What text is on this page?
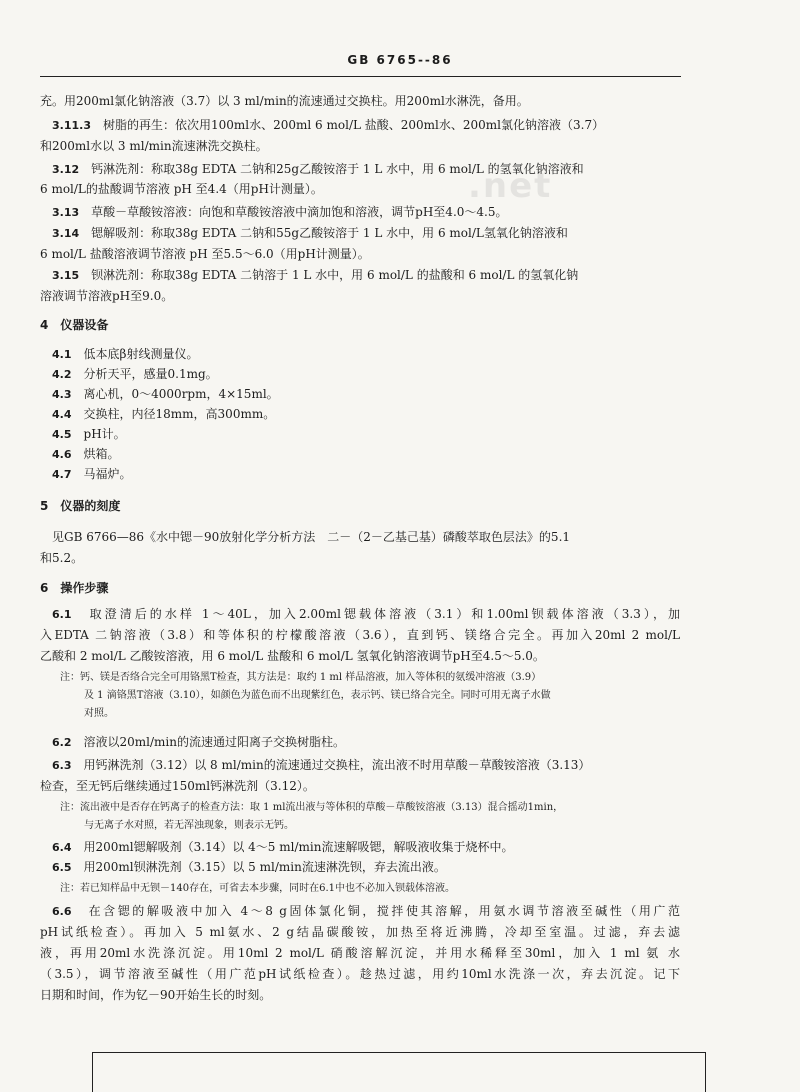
GB 6765--86
.net
充。用200ml氯化钠溶液（3.7）以 3 ml/min的流速通过交换柱。用200ml水淋洗，备用。
3.11.3　 树脂的再生：依次用100ml水、200ml 6 mol/L 盐酸、200ml水、200ml氯化钠溶液（3.7）
和200ml水以 3 ml/min流速淋洗交换柱。
3.12　 钙淋洗剂：称取38g EDTA 二钠和25g乙酸铵溶于 1 L 水中，用 6 mol/L 的氢氧化钠溶液和
6 mol/L的盐酸调节溶液 pH 至4.4（用pH计测量）。
3.13　 草酸－草酸铵溶液：向饱和草酸铵溶液中滴加饱和溶液，调节pH至4.0～4.5。
3.14　 锶解吸剂：称取38g EDTA 二钠和55g乙酸铵溶于 1 L 水中，用 6 mol/L氢氧化钠溶液和
6 mol/L 盐酸溶液调节溶液 pH 至5.5～6.0（用pH计测量）。
3.15　 钡淋洗剂：称取38g EDTA 二钠溶于 1 L 水中，用 6 mol/L 的盐酸和 6 mol/L 的氢氧化钠
溶液调节溶液pH至9.0。
4　仪器设备
4.1　 低本底β射线测量仪。
4.2　 分析天平，感量0.1mg。
4.3　 离心机，0～4000rpm，4×15ml。
4.4　 交换柱，内径18mm，高300mm。
4.5　 pH计。
4.6　 烘箱。
4.7　 马福炉。
5　仪器的刻度
见GB 6766—86《水中锶－90放射化学分析方法　二－（2－乙基己基）磷酸萃取色层法》的5.1
和5.2。
6　操作步骤
6.1　 取澄清后的水样 1～40L，加入2.00ml锶载体溶液（3.1）和1.00ml钡载体溶液（3.3），加
入EDTA 二钠溶液（3.8）和等体积的柠檬酸溶液（3.6），直到钙、镁络合完全。再加入20ml 2 mol/L
乙酸和 2 mol/L 乙酸铵溶液，用 6 mol/L 盐酸和 6 mol/L 氢氧化钠溶液调节pH至4.5～5.0。
注：钙、镁是否络合完全可用铬黑T检查，其方法是：取约 1 ml 样品溶液，加入等体积的氨缓冲溶液（3.9）
及 1 滴铬黑T溶液（3.10），如颜色为蓝色而不出现紫红色，表示钙、镁已络合完全。同时可用无离子水做
对照。
6.2　 溶液以20ml/min的流速通过阳离子交换树脂柱。
6.3　 用钙淋洗剂（3.12）以 8 ml/min的流速通过交换柱，流出液不时用草酸－草酸铵溶液（3.13）
检查，至无钙后继续通过150ml钙淋洗剂（3.12）。
注：流出液中是否存在钙离子的检查方法：取 1 ml流出液与等体积的草酸－草酸铵溶液（3.13）混合摇动1min，
与无离子水对照，若无浑浊现象，则表示无钙。
6.4　 用200ml锶解吸剂（3.14）以 4～5 ml/min流速解吸锶，解吸液收集于烧杯中。
6.5　 用200ml钡淋洗剂（3.15）以 5 ml/min流速淋洗钡，弃去流出液。
注：若已知样品中无钡－140存在，可省去本步骤，同时在6.1中也不必加入钡载体溶液。
6.6　 在含锶的解吸液中加入 4～8 g固体氯化铜，搅拌使其溶解，用氨水调节溶液至碱性（用广范
pH试纸检查）。再加入 5 ml氨水、2 g结晶碳酸铵，加热至将近沸腾，冷却至室温。过滤，弃去滤
液，再用20ml水洗涤沉淀。用10ml 2 mol/L 硝酸溶解沉淀，并用水稀释至30ml，加入 1 ml 氨 水
（3.5），调节溶液至碱性（用广范pH试纸检查）。趁热过滤，用约10ml水洗涤一次，弃去沉淀。记下
日期和时间，作为钇－90开始生长的时刻。
